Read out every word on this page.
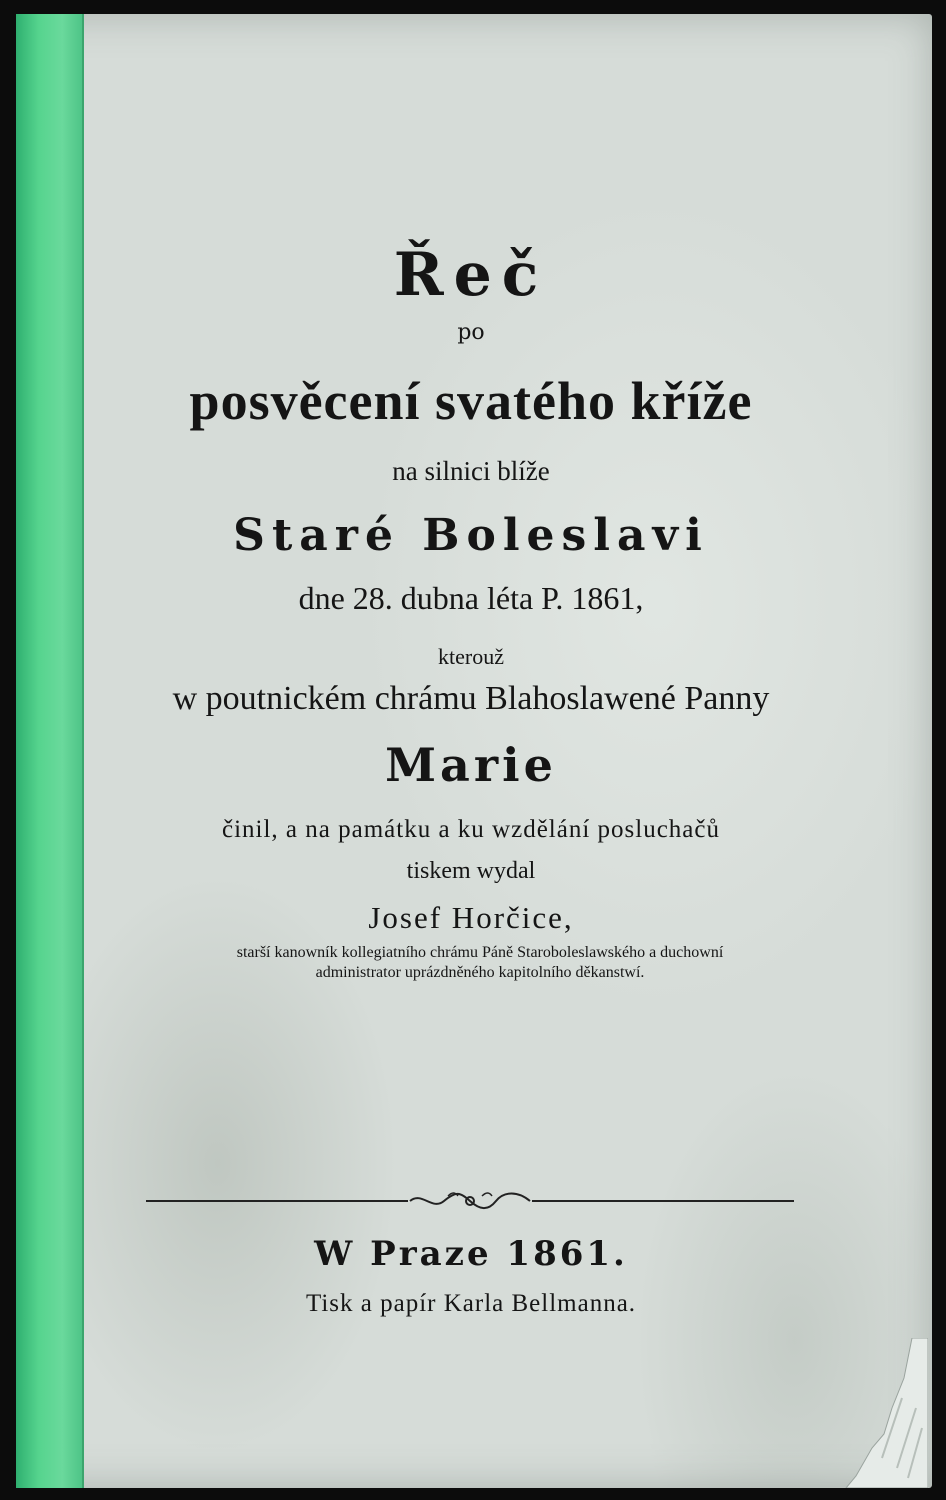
Řeč

po

posvěcení svatého kříže

na silnici blíže

Staré Boleslavi

dne 28. dubna léta P. 1861,

kterouž

w poutnickém chrámu Blahoslawené Panny

Marie

činil, a na památku a ku wzdělání posluchačů

tiskem wydal

Josef Horčice,

starší kanowník kollegiatního chrámu Páně Staroboleslawského a duchowní

administrator uprázdněného kapitolního děkanstwí.

W Praze 1861.

Tisk a papír Karla Bellmanna.
